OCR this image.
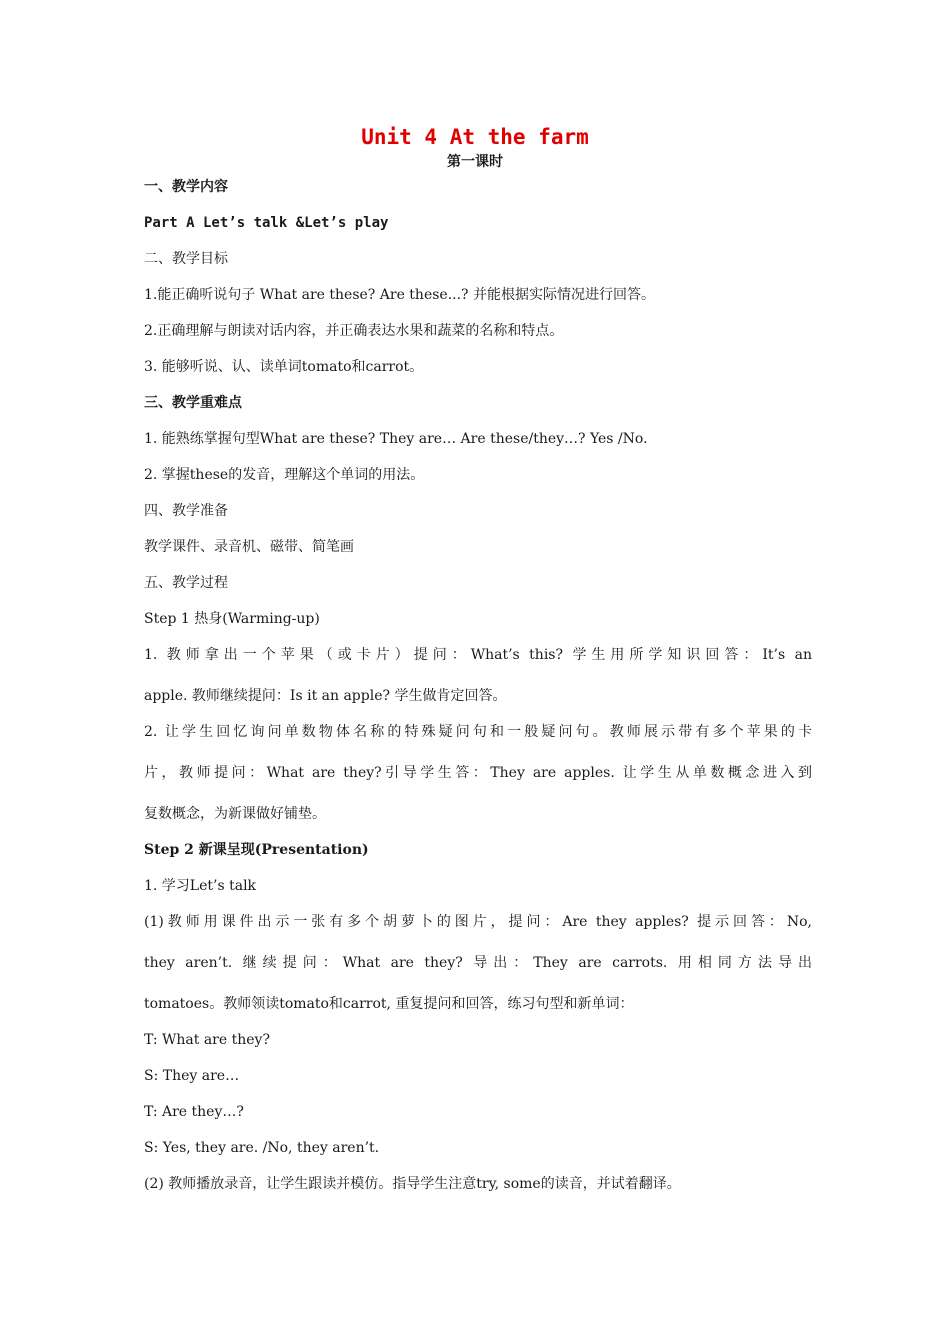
Unit 4 At the farm
第一课时

一、教学内容

Part A Let’s talk &Let’s play

二、教学目标

1.能正确听说句子 What are these? Are these...? 并能根据实际情况进行回答。

2.正确理解与朗读对话内容，并正确表达水果和蔬菜的名称和特点。

3. 能够听说、认、读单词tomato和carrot。

三、教学重难点

1. 能熟练掌握句型What are these? They are… Are these/they…? Yes /No.

2. 掌握these的发音，理解这个单词的用法。

四、教学准备

教学课件、录音机、磁带、简笔画

五、教学过程

Step 1 热身(Warming-up)

1. 教师拿出一个苹果（或卡片）提问：What’s this? 学生用所学知识回答：It’s an

apple. 教师继续提问：Is it an apple? 学生做肯定回答。

2. 让学生回忆询问单数物体名称的特殊疑问句和一般疑问句。教师展示带有多个苹果的卡

片，教师提问：What are they?引导学生答：They are apples. 让学生从单数概念进入到

复数概念，为新课做好铺垫。

Step 2 新课呈现(Presentation)

1. 学习Let’s talk

(1)教师用课件出示一张有多个胡萝卜的图片，提问：Are they apples? 提示回答：No,

they aren’t. 继续提问：What are they? 导出：They are carrots. 用相同方法导出

tomatoes。教师领读tomato和carrot, 重复提问和回答，练习句型和新单词：

T: What are they?

S: They are…

T: Are they…?

S: Yes, they are. /No, they aren’t.

(2) 教师播放录音，让学生跟读并模仿。指导学生注意try, some的读音，并试着翻译。
